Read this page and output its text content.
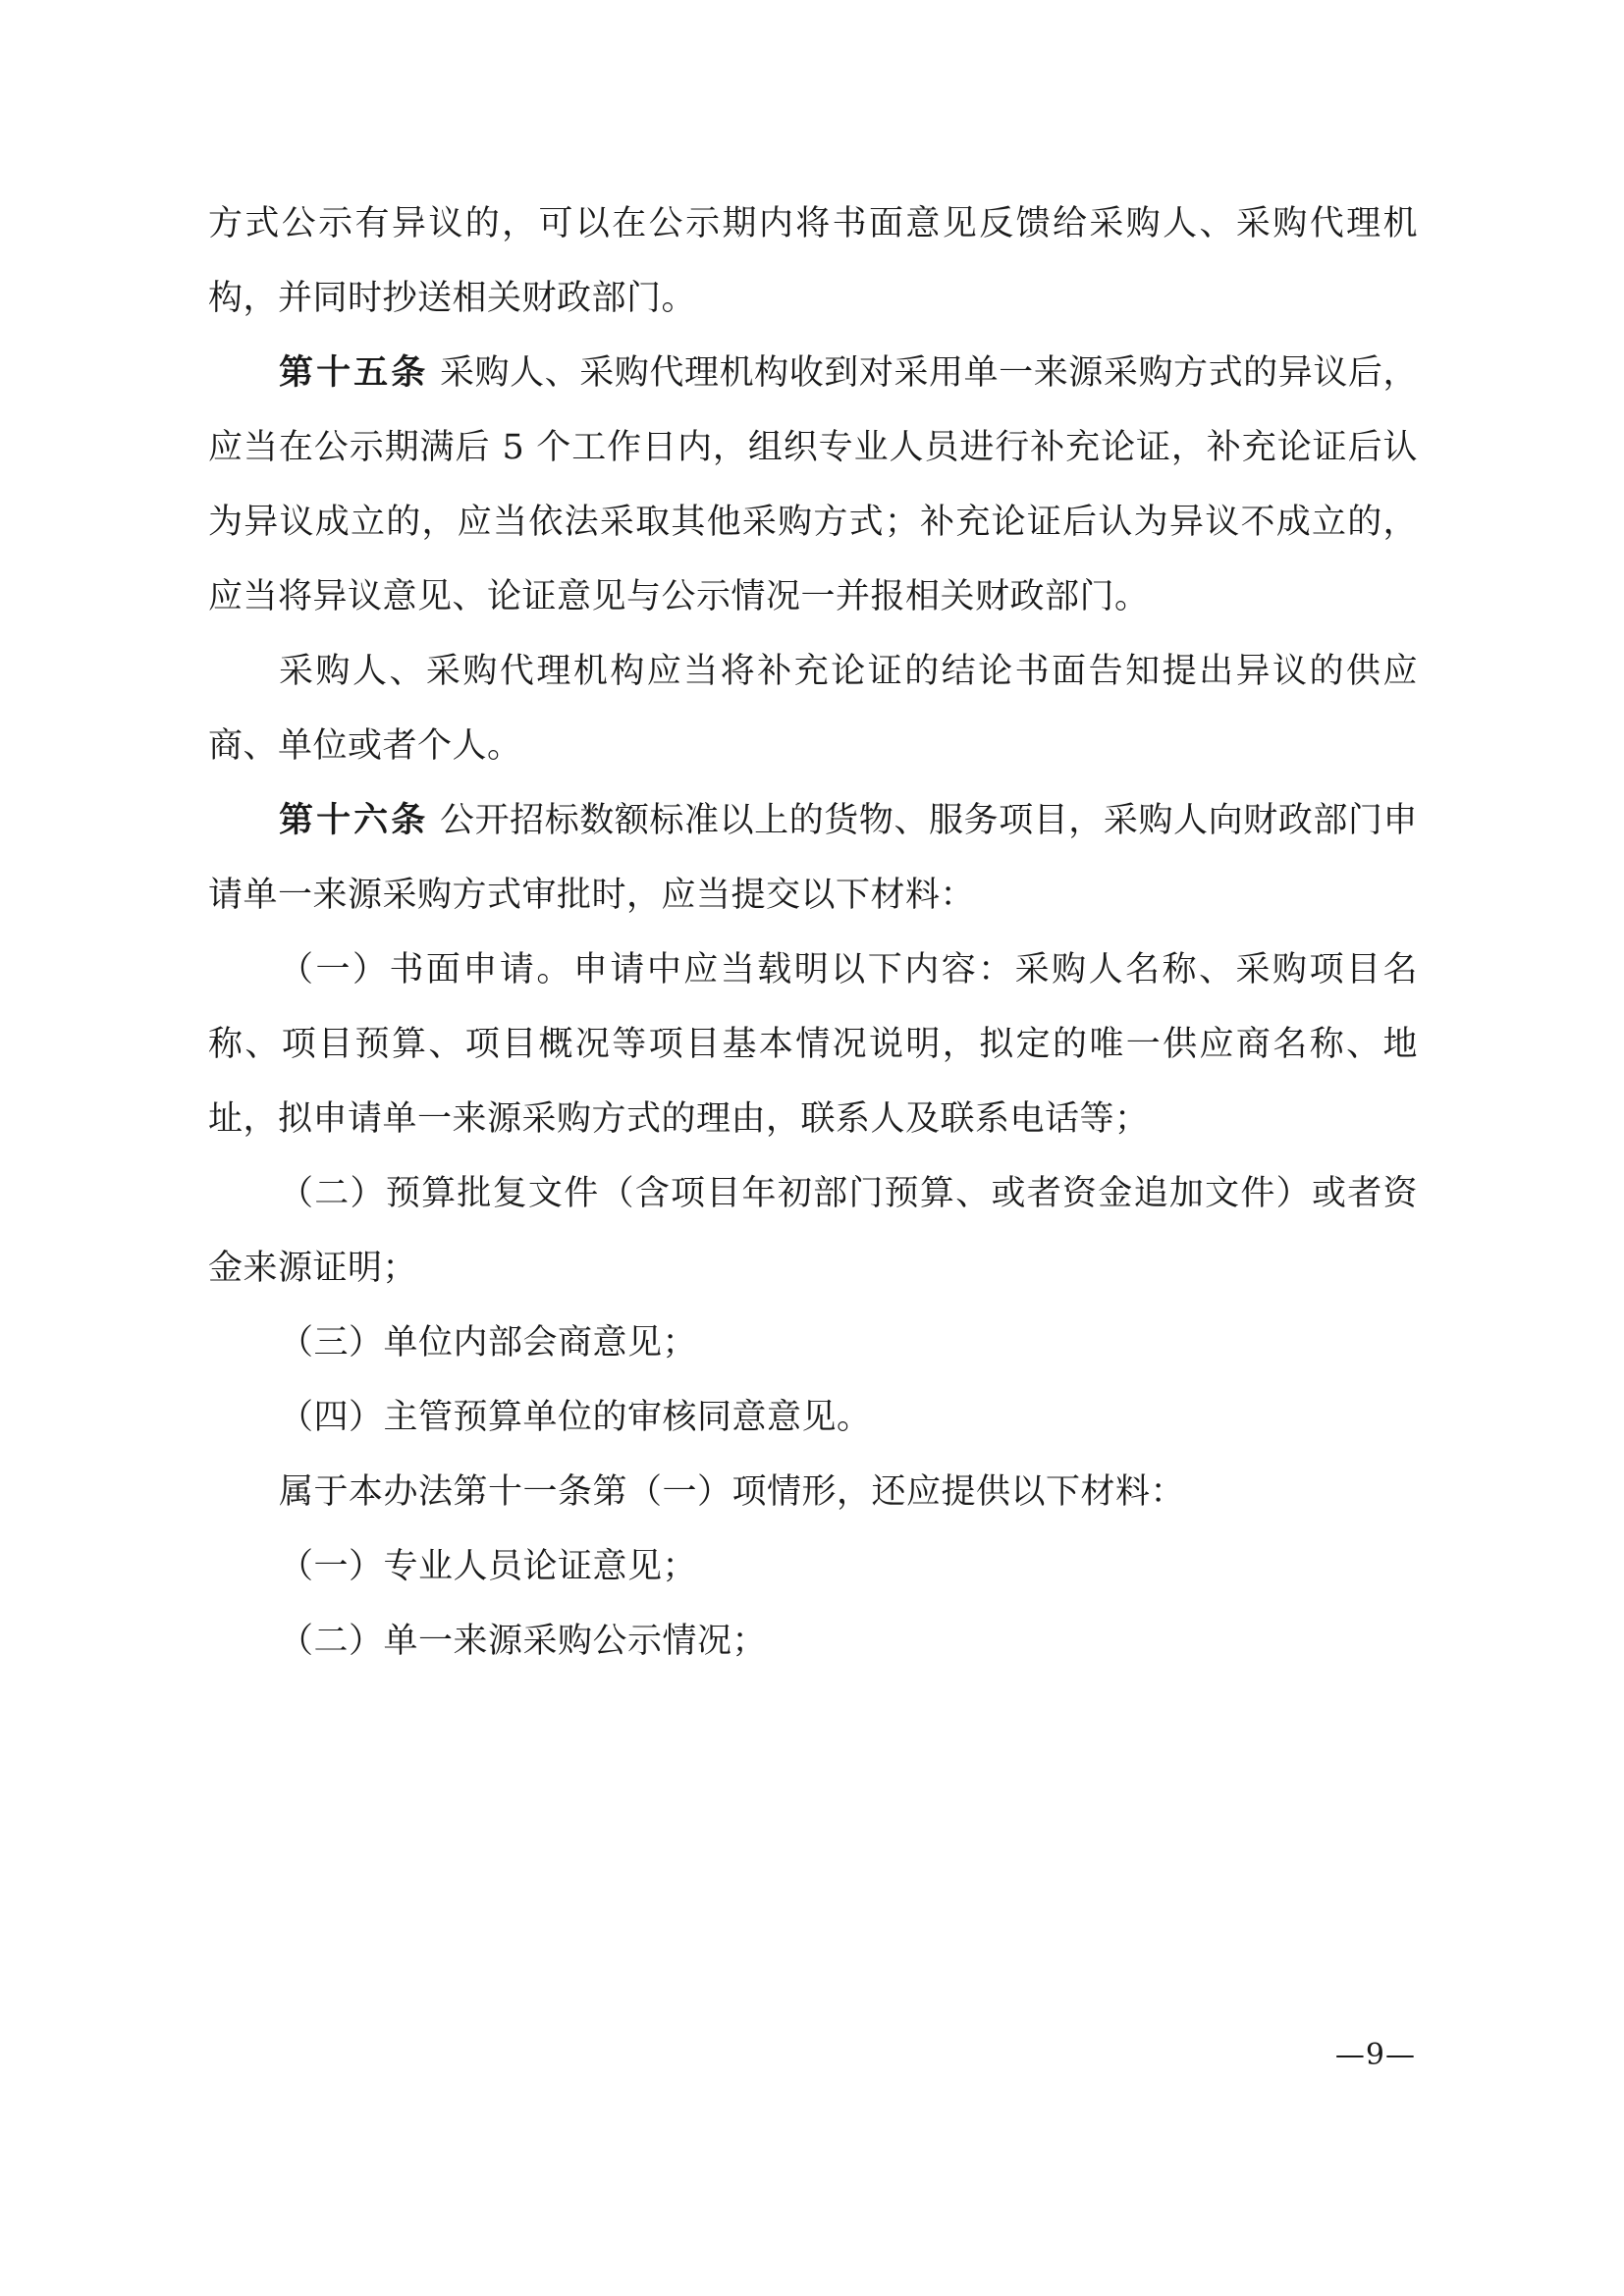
方式公示有异议的，可以在公示期内将书面意见反馈给采购人、采购代理机构，并同时抄送相关财政部门。

第十五条 采购人、采购代理机构收到对采用单一来源采购方式的异议后，应当在公示期满后 5 个工作日内，组织专业人员进行补充论证，补充论证后认为异议成立的，应当依法采取其他采购方式；补充论证后认为异议不成立的，应当将异议意见、论证意见与公示情况一并报相关财政部门。

采购人、采购代理机构应当将补充论证的结论书面告知提出异议的供应商、单位或者个人。

第十六条 公开招标数额标准以上的货物、服务项目，采购人向财政部门申请单一来源采购方式审批时，应当提交以下材料：

（一）书面申请。申请中应当载明以下内容：采购人名称、采购项目名称、项目预算、项目概况等项目基本情况说明，拟定的唯一供应商名称、地址，拟申请单一来源采购方式的理由，联系人及联系电话等；

（二）预算批复文件（含项目年初部门预算、或者资金追加文件）或者资金来源证明；

（三）单位内部会商意见；

（四）主管预算单位的审核同意意见。

属于本办法第十一条第（一）项情形，还应提供以下材料：

（一）专业人员论证意见；

（二）单一来源采购公示情况；

—9—
